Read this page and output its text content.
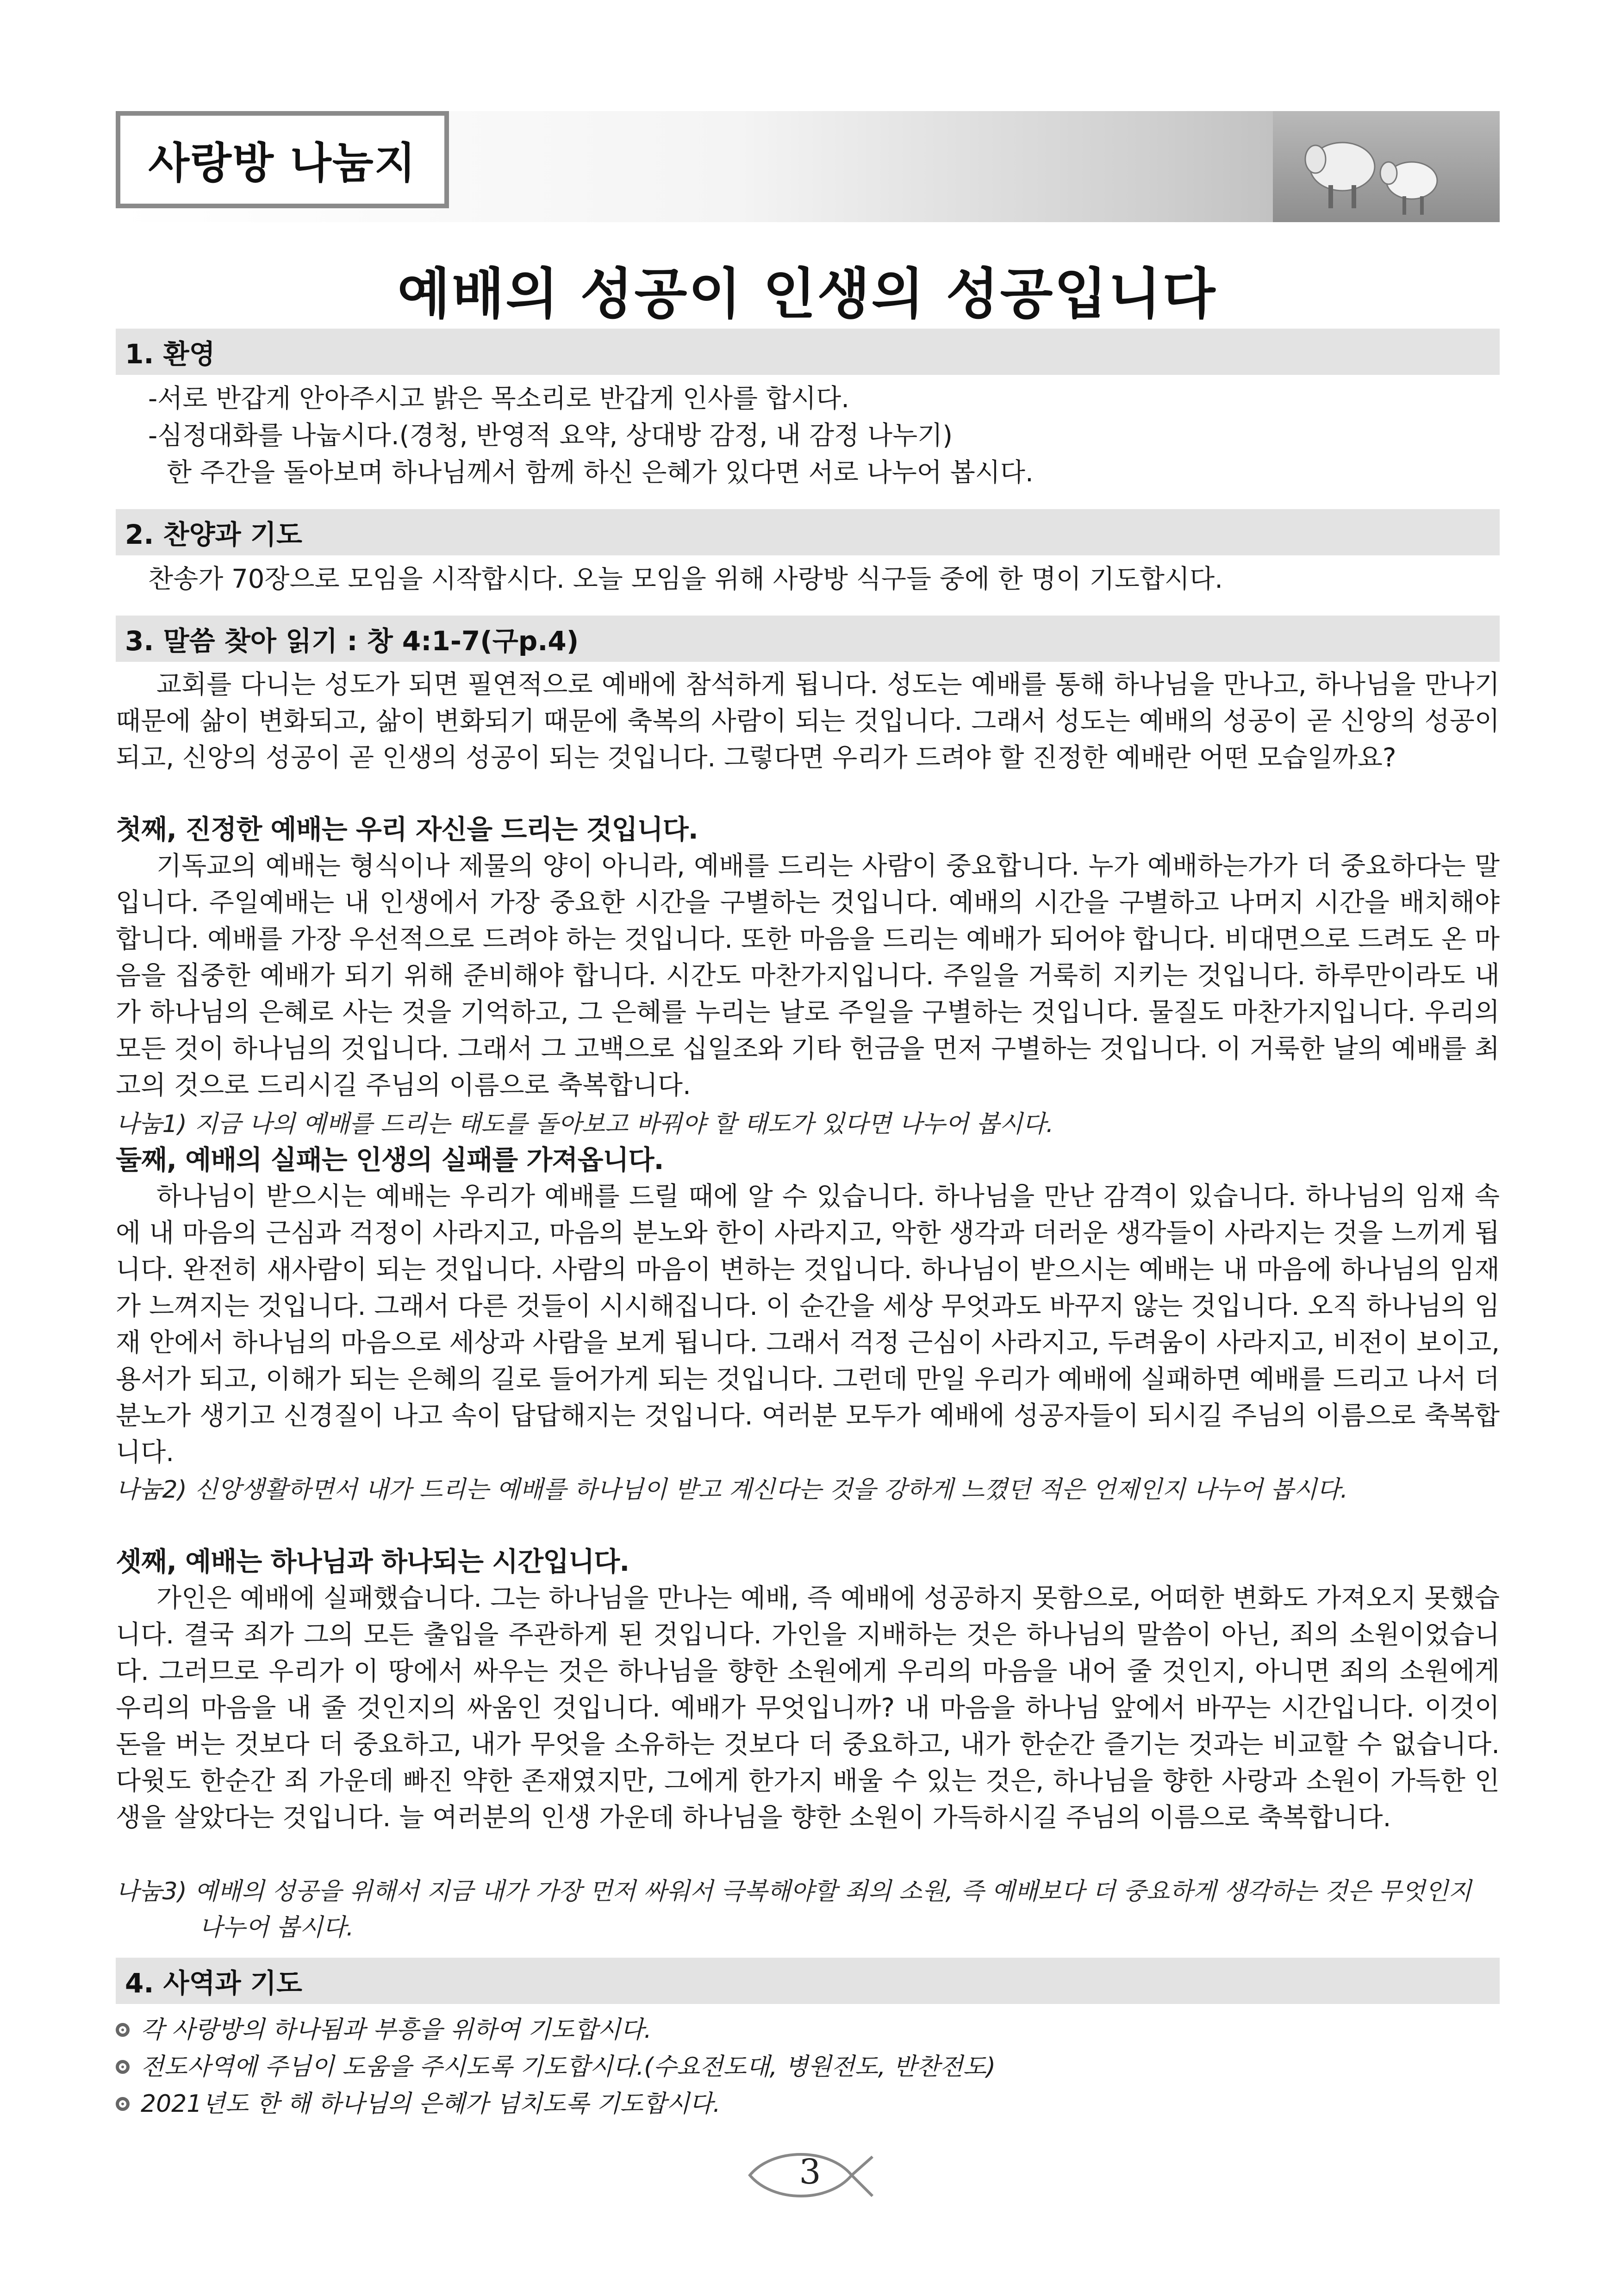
사랑방 나눔지
예배의 성공이 인생의 성공입니다
1. 환영
-서로 반갑게 안아주시고 밝은 목소리로 반갑게 인사를 합시다.
-심정대화를 나눕시다.(경청, 반영적 요약, 상대방 감정, 내 감정 나누기)
한 주간을 돌아보며 하나님께서 함께 하신 은혜가 있다면 서로 나누어 봅시다.
2. 찬양과 기도
찬송가 70장으로 모임을 시작합시다. 오늘 모임을 위해 사랑방 식구들 중에 한 명이 기도합시다.
3. 말씀 찾아 읽기 : 창 4:1-7(구p.4)

교회를 다니는 성도가 되면 필연적으로 예배에 참석하게 됩니다. 성도는 예배를 통해 하나님을 만나고, 하나님을 만나기 때문에 삶이 변화되고, 삶이 변화되기 때문에 축복의 사람이 되는 것입니다. 그래서 성도는 예배의 성공이 곧 신앙의 성공이 되고, 신앙의 성공이 곧 인생의 성공이 되는 것입니다. 그렇다면 우리가 드려야 할 진정한 예배란 어떤 모습일까요?

첫째, 진정한 예배는 우리 자신을 드리는 것입니다.

기독교의 예배는 형식이나 제물의 양이 아니라, 예배를 드리는 사람이 중요합니다. 누가 예배하는가가 더 중요하다는 말입니다. 주일예배는 내 인생에서 가장 중요한 시간을 구별하는 것입니다. 예배의 시간을 구별하고 나머지 시간을 배치해야 합니다. 예배를 가장 우선적으로 드려야 하는 것입니다. 또한 마음을 드리는 예배가 되어야 합니다. 비대면으로 드려도 온 마음을 집중한 예배가 되기 위해 준비해야 합니다. 시간도 마찬가지입니다. 주일을 거룩히 지키는 것입니다. 하루만이라도 내가 하나님의 은혜로 사는 것을 기억하고, 그 은혜를 누리는 날로 주일을 구별하는 것입니다. 물질도 마찬가지입니다. 우리의 모든 것이 하나님의 것입니다. 그래서 그 고백으로 십일조와 기타 헌금을 먼저 구별하는 것입니다. 이 거룩한 날의 예배를 최고의 것으로 드리시길 주님의 이름으로 축복합니다.

나눔1) 지금 나의 예배를 드리는 태도를 돌아보고 바꿔야 할 태도가 있다면 나누어 봅시다.
둘째, 예배의 실패는 인생의 실패를 가져옵니다.

하나님이 받으시는 예배는 우리가 예배를 드릴 때에 알 수 있습니다. 하나님을 만난 감격이 있습니다. 하나님의 임재 속에 내 마음의 근심과 걱정이 사라지고, 마음의 분노와 한이 사라지고, 악한 생각과 더러운 생각들이 사라지는 것을 느끼게 됩니다. 완전히 새사람이 되는 것입니다. 사람의 마음이 변하는 것입니다. 하나님이 받으시는 예배는 내 마음에 하나님의 임재가 느껴지는 것입니다. 그래서 다른 것들이 시시해집니다. 이 순간을 세상 무엇과도 바꾸지 않는 것입니다. 오직 하나님의 임재 안에서 하나님의 마음으로 세상과 사람을 보게 됩니다. 그래서 걱정 근심이 사라지고, 두려움이 사라지고, 비전이 보이고, 용서가 되고, 이해가 되는 은혜의 길로 들어가게 되는 것입니다. 그런데 만일 우리가 예배에 실패하면 예배를 드리고 나서 더 분노가 생기고 신경질이 나고 속이 답답해지는 것입니다. 여러분 모두가 예배에 성공자들이 되시길 주님의 이름으로 축복합니다.

나눔2) 신앙생활하면서 내가 드리는 예배를 하나님이 받고 계신다는 것을 강하게 느꼈던 적은 언제인지 나누어 봅시다.
셋째, 예배는 하나님과 하나되는 시간입니다.

가인은 예배에 실패했습니다. 그는 하나님을 만나는 예배, 즉 예배에 성공하지 못함으로, 어떠한 변화도 가져오지 못했습니다. 결국 죄가 그의 모든 출입을 주관하게 된 것입니다. 가인을 지배하는 것은 하나님의 말씀이 아닌, 죄의 소원이었습니다. 그러므로 우리가 이 땅에서 싸우는 것은 하나님을 향한 소원에게 우리의 마음을 내어 줄 것인지, 아니면 죄의 소원에게 우리의 마음을 내 줄 것인지의 싸움인 것입니다. 예배가 무엇입니까? 내 마음을 하나님 앞에서 바꾸는 시간입니다. 이것이 돈을 버는 것보다 더 중요하고, 내가 무엇을 소유하는 것보다 더 중요하고, 내가 한순간 즐기는 것과는 비교할 수 없습니다. 다윗도 한순간 죄 가운데 빠진 약한 존재였지만, 그에게 한가지 배울 수 있는 것은, 하나님을 향한 사랑과 소원이 가득한 인생을 살았다는 것입니다. 늘 여러분의 인생 가운데 하나님을 향한 소원이 가득하시길 주님의 이름으로 축복합니다.

나눔3) 예배의 성공을 위해서 지금 내가 가장 먼저 싸워서 극복해야할 죄의 소원, 즉 예배보다 더 중요하게 생각하는 것은 무엇인지 나누어 봅시다.
4. 사역과 기도
각 사랑방의 하나됨과 부흥을 위하여 기도합시다.
전도사역에 주님이 도움을 주시도록 기도합시다.(수요전도대, 병원전도, 반찬전도)
2021년도 한 해 하나님의 은혜가 넘치도록 기도합시다.
3
